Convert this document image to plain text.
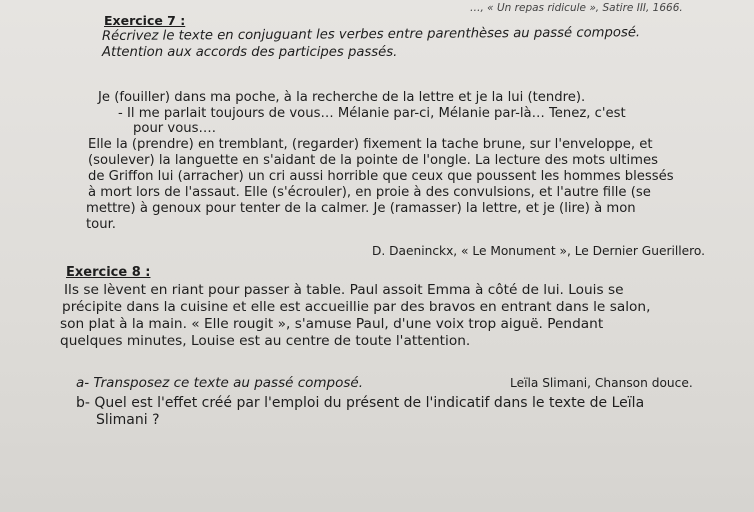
…, « Un repas ridicule », Satire III, 1666.
Exercice 7 :
Récrivez le texte en conjuguant les verbes entre parenthèses au passé composé.
Attention aux accords des participes passés.
Je (fouiller) dans ma poche, à la recherche de la lettre et je la lui (tendre).
- Il me parlait toujours de vous… Mélanie par-ci, Mélanie par-là… Tenez, c'est
pour vous….
Elle la (prendre) en tremblant, (regarder) fixement la tache brune, sur l'enveloppe, et
(soulever) la languette en s'aidant de la pointe de l'ongle. La lecture des mots ultimes
de Griffon lui (arracher) un cri aussi horrible que ceux que poussent les hommes blessés
à mort lors de l'assaut. Elle (s'écrouler), en proie à des convulsions, et l'autre fille (se
mettre) à genoux pour tenter de la calmer. Je (ramasser) la lettre, et je (lire) à mon
tour.
D. Daeninckx, « Le Monument », Le Dernier Guerillero.
Exercice 8 :
Ils se lèvent en riant pour passer à table. Paul assoit Emma à côté de lui. Louis se
précipite dans la cuisine et elle est accueillie par des bravos en entrant dans le salon,
son plat à la main. « Elle rougit », s'amuse Paul, d'une voix trop aiguë. Pendant
quelques minutes, Louise est au centre de toute l'attention.
a- Transposez ce texte au passé composé.	Leïla Slimani, Chanson douce.
b- Quel est l'effet créé par l'emploi du présent de l'indicatif dans le texte de Leïla
Slimani ?
